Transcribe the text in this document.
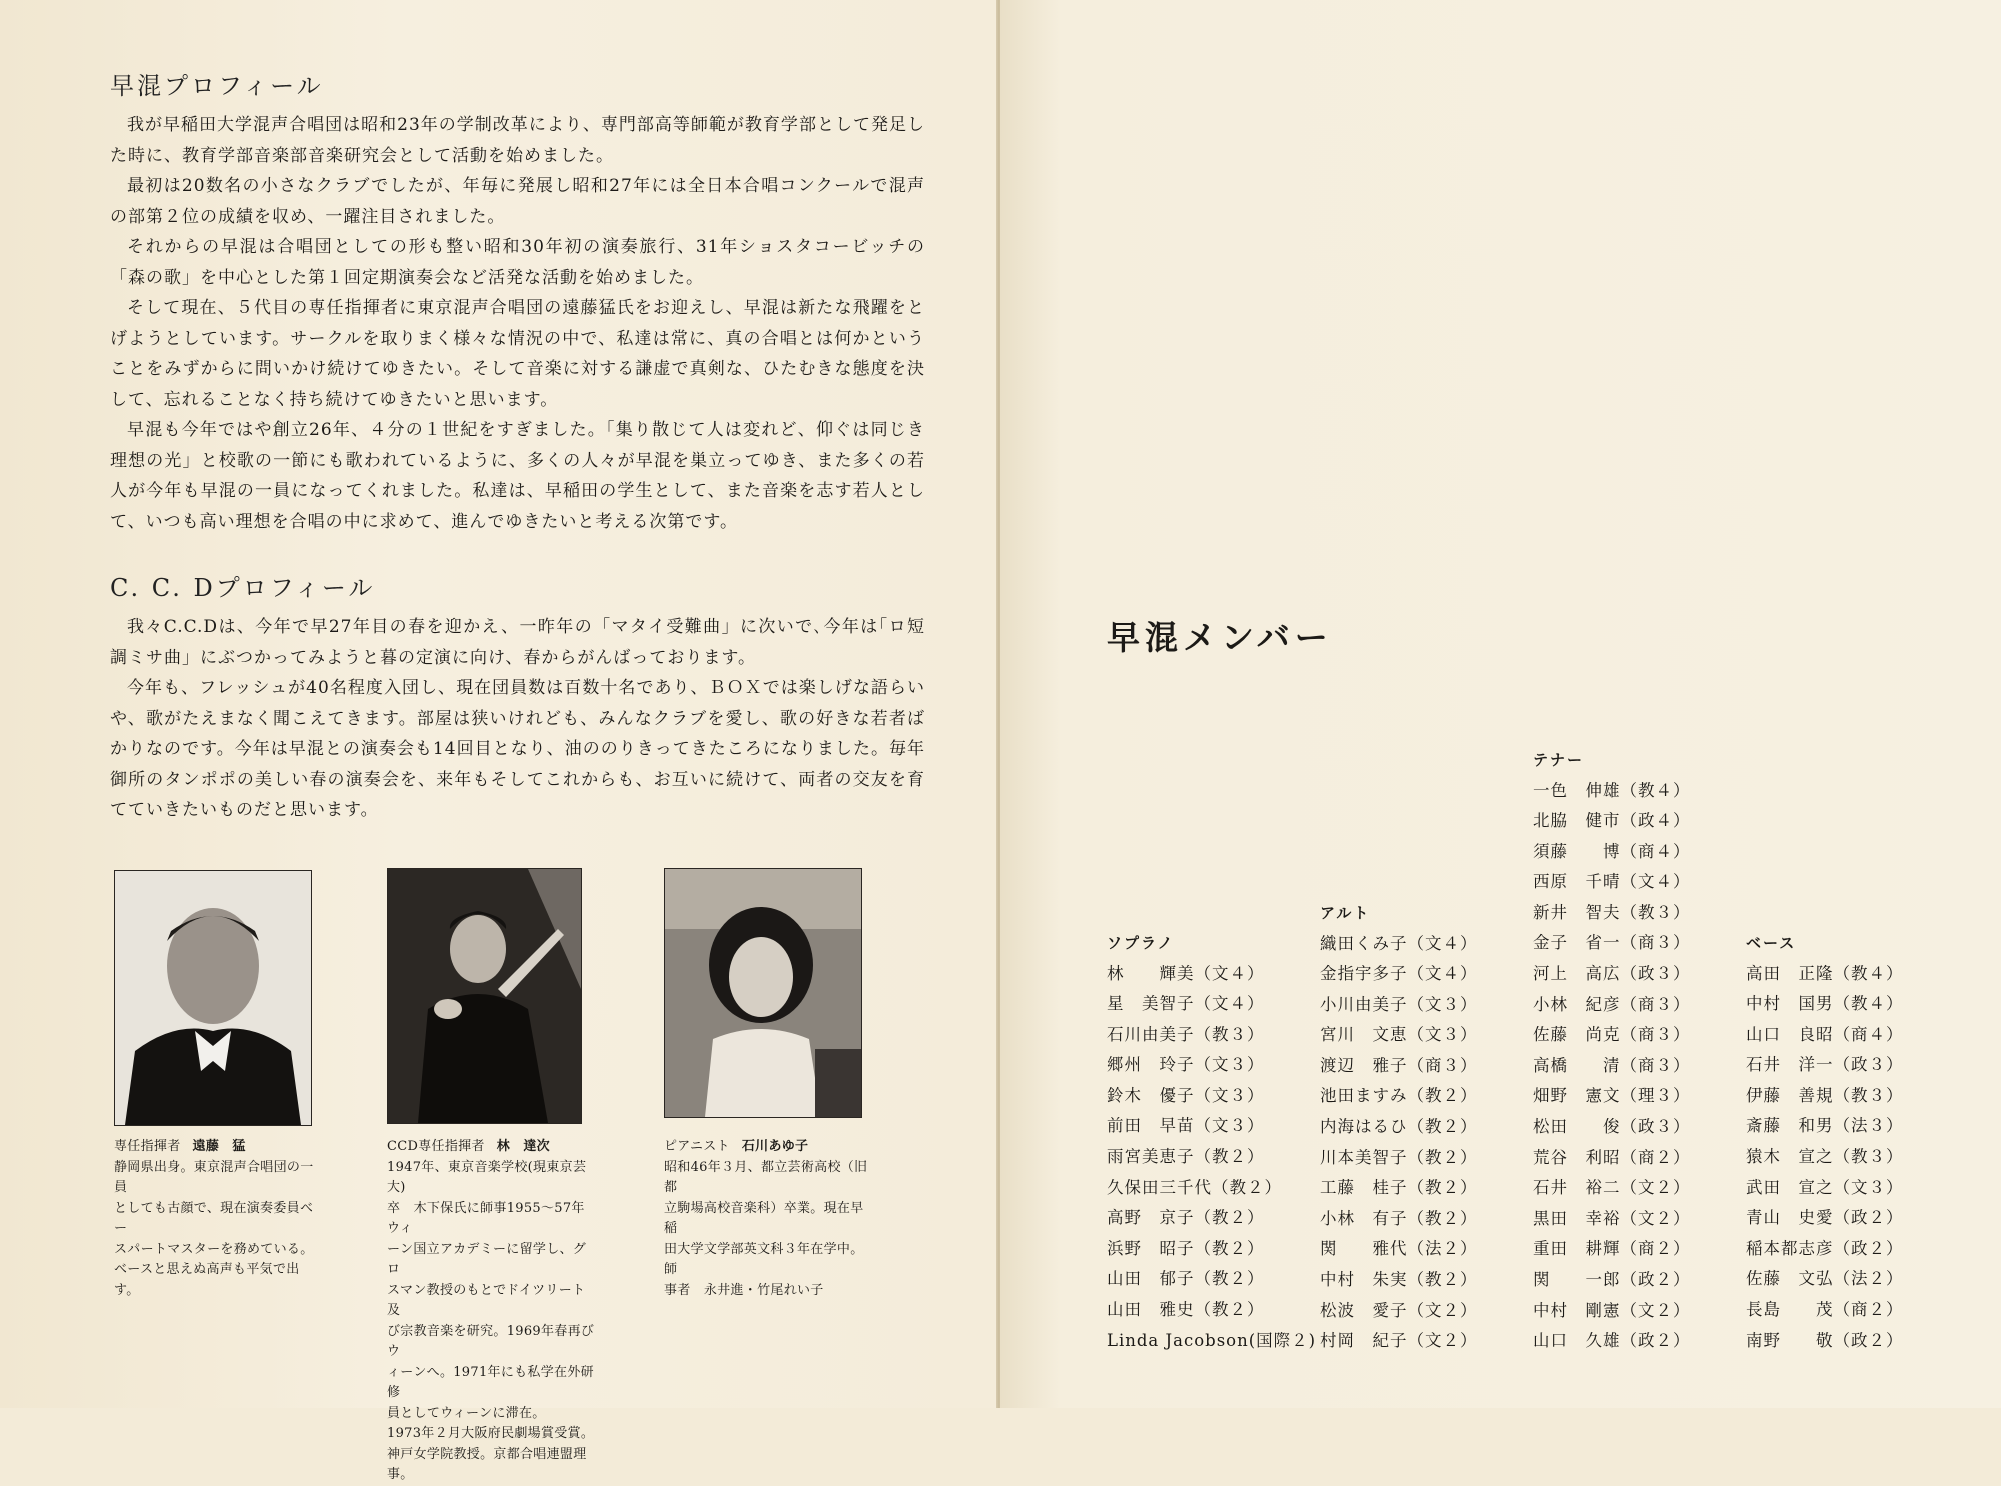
早混プロフィール

我が早稲田大学混声合唱団は昭和23年の学制改革により、専門部高等師範が教育学部として発足した時に、教育学部音楽部音楽研究会として活動を始めました。

最初は20数名の小さなクラブでしたが、年毎に発展し昭和27年には全日本合唱コンクールで混声の部第２位の成績を収め、一躍注目されました。

それからの早混は合唱団としての形も整い昭和30年初の演奏旅行、31年ショスタコービッチの「森の歌」を中心とした第１回定期演奏会など活発な活動を始めました。

そして現在、５代目の専任指揮者に東京混声合唱団の遠藤猛氏をお迎えし、早混は新たな飛躍をとげようとしています。サークルを取りまく様々な情況の中で、私達は常に、真の合唱とは何かということをみずからに問いかけ続けてゆきたい。そして音楽に対する謙虚で真剣な、ひたむきな態度を決して、忘れることなく持ち続けてゆきたいと思います。

早混も今年ではや創立26年、４分の１世紀をすぎました。｢集り散じて人は変れど、仰ぐは同じき理想の光」と校歌の一節にも歌われているように、多くの人々が早混を巣立ってゆき、また多くの若人が今年も早混の一員になってくれました。私達は、早稲田の学生として、また音楽を志す若人として、いつも高い理想を合唱の中に求めて、進んでゆきたいと考える次第です。

C. C. Dプロフィール

我々C.C.Dは、今年で早27年目の春を迎かえ、一昨年の「マタイ受難曲」に次いで､今年は｢ロ短調ミサ曲」にぶつかってみようと暮の定演に向け、春からがんばっております。

今年も、フレッシュが40名程度入団し、現在団員数は百数十名であり、ＢＯＸでは楽しげな語らいや、歌がたえまなく聞こえてきます。部屋は狭いけれども、みんなクラブを愛し、歌の好きな若者ばかりなのです。今年は早混との演奏会も14回目となり、油ののりきってきたころになりました。毎年御所のタンポポの美しい春の演奏会を、来年もそしてこれからも、お互いに続けて、両者の交友を育てていきたいものだと思います。

専任指揮者 遠藤　猛
静岡県出身。東京混声合唱団の一員
としても古顔で、現在演奏委員ベー
スパートマスターを務めている。
ベースと思えぬ高声も平気で出す。
CCD専任指揮者 林　達次
1947年、東京音楽学校(現東京芸大)
卒　木下保氏に師事1955～57年ウィ
ーン国立アカデミーに留学し、グロ
スマン教授のもとでドイツリート及
び宗教音楽を研究。1969年春再びウ
ィーンへ。1971年にも私学在外研修
員としてウィーンに滞在。
1973年２月大阪府民劇場賞受賞。
神戸女学院教授。京都合唱連盟理事。
ピアニスト 石川あゆ子
昭和46年３月、都立芸術高校（旧都
立駒場高校音楽科）卒業。現在早稲
田大学文学部英文科３年在学中。師
事者　永井進・竹尾れい子
早混メンバー
ソプラノ
林　　輝美（文４）
星　美智子（文４）
石川由美子（教３）
郷州　玲子（文３）
鈴木　優子（文３）
前田　早苗（文３）
雨宮美恵子（教２）
久保田三千代（教２）
高野　京子（教２）
浜野　昭子（教２）
山田　郁子（教２）
山田　雅史（教２）
Linda Jacobson(国際２)
アルト
織田くみ子（文４）
金指宇多子（文４）
小川由美子（文３）
宮川　文恵（文３）
渡辺　雅子（商３）
池田ますみ（教２）
内海はるひ（教２）
川本美智子（教２）
工藤　桂子（教２）
小林　有子（教２）
関　　雅代（法２）
中村　朱実（教２）
松波　愛子（文２）
村岡　紀子（文２）
テナー
一色　伸雄（教４）
北脇　健市（政４）
須藤　　博（商４）
西原　千晴（文４）
新井　智夫（教３）
金子　省一（商３）
河上　高広（政３）
小林　紀彦（商３）
佐藤　尚克（商３）
高橋　　清（商３）
畑野　憲文（理３）
松田　　俊（政３）
荒谷　利昭（商２）
石井　裕二（文２）
黒田　幸裕（文２）
重田　耕輝（商２）
関　　一郎（政２）
中村　剛憲（文２）
山口　久雄（政２）
ベース
高田　正隆（教４）
中村　国男（教４）
山口　良昭（商４）
石井　洋一（政３）
伊藤　善規（教３）
斎藤　和男（法３）
猿木　宣之（教３）
武田　宣之（文３）
青山　史愛（政２）
稲本都志彦（政２）
佐藤　文弘（法２）
長島　　茂（商２）
南野　　敬（政２）
